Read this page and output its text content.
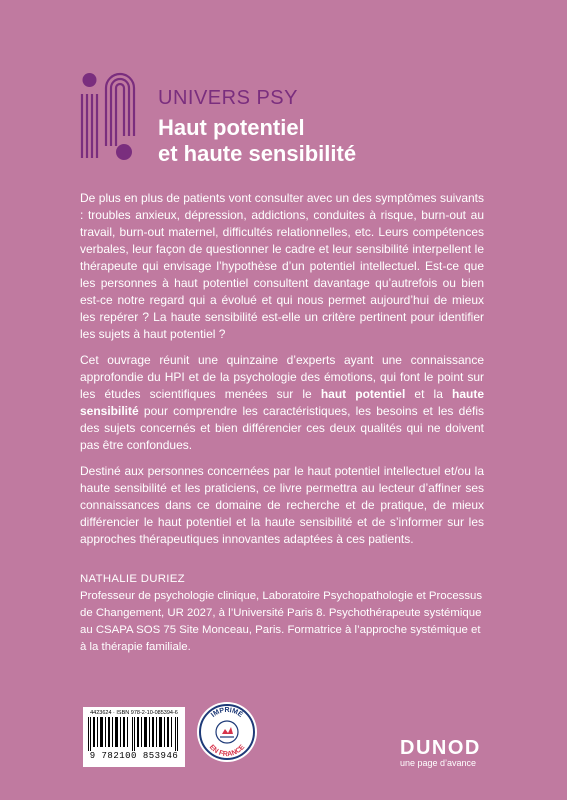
UNIVERS PSY
Haut potentiel
et haute sensibilité

De plus en plus de patients vont consulter avec un des symptômes suivants : troubles anxieux, dépression, addictions, conduites à risque, burn-out au travail, burn-out maternel, difficultés relationnelles, etc. Leurs compétences verbales, leur façon de questionner le cadre et leur sensibilité interpellent le thérapeute qui envisage l’hypothèse d’un potentiel intellectuel. Est-ce que les personnes à haut potentiel consultent davantage qu’autrefois ou bien est-ce notre regard qui a évolué et qui nous permet aujourd’hui de mieux les repérer ? La haute sensibilité est-elle un critère pertinent pour identifier les sujets à haut potentiel ?

Cet ouvrage réunit une quinzaine d’experts ayant une connaissance approfondie du HPI et de la psychologie des émotions, qui font le point sur les études scientifiques menées sur le haut potentiel et la haute sensibilité pour comprendre les caractéristiques, les besoins et les défis des sujets concernés et bien différencier ces deux qualités qui ne doivent pas être confondues.

Destiné aux personnes concernées par le haut potentiel intellectuel et/ou la haute sensibilité et les praticiens, ce livre permettra au lecteur d’affiner ses connaissances dans ce domaine de recherche et de pratique, de mieux différencier le haut potentiel et la haute sensibilité et de s’informer sur les approches thérapeutiques innovantes adaptées à ces patients.

NATHALIE DURIEZ
Professeur de psychologie clinique, Laboratoire Psychopathologie et Processus de Changement, UR 2027, à l’Université Paris 8. Psychothérapeute systémique au CSAPA SOS 75 Site Monceau, Paris. Formatrice à l’approche systémique et à la thérapie familiale.
4423624 · ISBN 978-2-10-085394-6
9 782100 853946
IMPRIMÉ
EN FRANCE	DUNOD
une page d’avance
